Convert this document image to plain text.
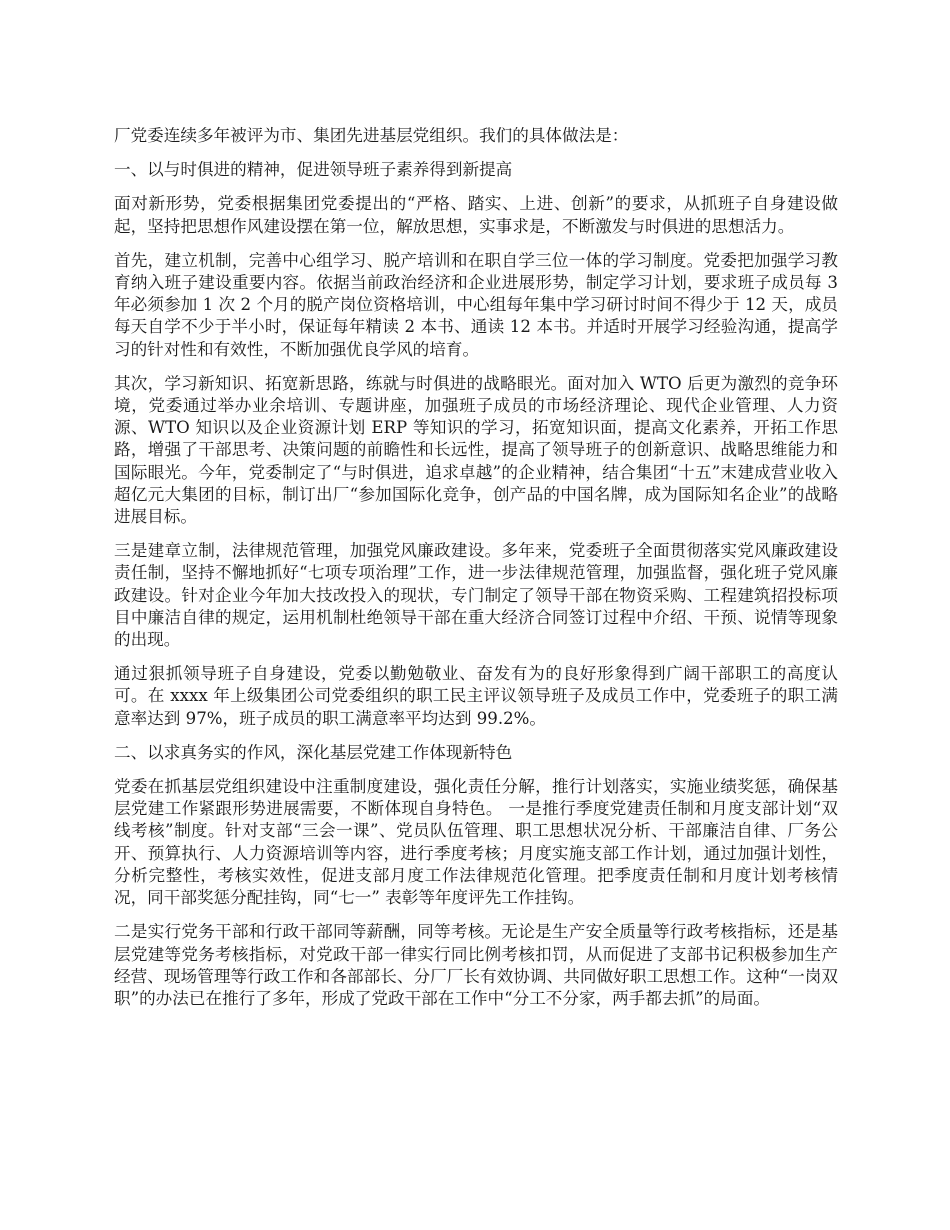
厂党委连续多年被评为市、集团先进基层党组织。我们的具体做法是：

一、以与时俱进的精神，促进领导班子素养得到新提高

面对新形势，党委根据集团党委提出的“严格、踏实、上进、创新”的要求，从抓班子自身建设做起，坚持把思想作风建设摆在第一位，解放思想，实事求是，不断激发与时俱进的思想活力。

首先，建立机制，完善中心组学习、脱产培训和在职自学三位一体的学习制度。党委把加强学习教育纳入班子建设重要内容。依据当前政治经济和企业进展形势，制定学习计划，要求班子成员每 3 年必须参加 1 次 2 个月的脱产岗位资格培训，中心组每年集中学习研讨时间不得少于 12 天，成员每天自学不少于半小时，保证每年精读 2 本书、通读 12 本书。并适时开展学习经验沟通，提高学习的针对性和有效性，不断加强优良学风的培育。

其次，学习新知识、拓宽新思路，练就与时俱进的战略眼光。面对加入 WTO 后更为激烈的竞争环境，党委通过举办业余培训、专题讲座，加强班子成员的市场经济理论、现代企业管理、人力资源、WTO 知识以及企业资源计划 ERP 等知识的学习，拓宽知识面，提高文化素养，开拓工作思路，增强了干部思考、决策问题的前瞻性和长远性，提高了领导班子的创新意识、战略思维能力和国际眼光。今年，党委制定了“与时俱进，追求卓越”的企业精神，结合集团“十五”末建成营业收入超亿元大集团的目标，制订出厂“参加国际化竞争，创产品的中国名牌，成为国际知名企业”的战略进展目标。

三是建章立制，法律规范管理，加强党风廉政建设。多年来，党委班子全面贯彻落实党风廉政建设责任制，坚持不懈地抓好“七项专项治理”工作，进一步法律规范管理，加强监督，强化班子党风廉政建设。针对企业今年加大技改投入的现状，专门制定了领导干部在物资采购、工程建筑招投标项目中廉洁自律的规定，运用机制杜绝领导干部在重大经济合同签订过程中介绍、干预、说情等现象的出现。

通过狠抓领导班子自身建设，党委以勤勉敬业、奋发有为的良好形象得到广阔干部职工的高度认可。在 xxxx 年上级集团公司党委组织的职工民主评议领导班子及成员工作中，党委班子的职工满意率达到 97%，班子成员的职工满意率平均达到 99.2%。

二、以求真务实的作风，深化基层党建工作体现新特色

党委在抓基层党组织建设中注重制度建设，强化责任分解，推行计划落实，实施业绩奖惩，确保基层党建工作紧跟形势进展需要，不断体现自身特色。 一是推行季度党建责任制和月度支部计划“双线考核”制度。针对支部“三会一课”、党员队伍管理、职工思想状况分析、干部廉洁自律、厂务公开、预算执行、人力资源培训等内容，进行季度考核；月度实施支部工作计划，通过加强计划性，分析完整性，考核实效性，促进支部月度工作法律规范化管理。把季度责任制和月度计划考核情况，同干部奖惩分配挂钩，同“七一” 表彰等年度评先工作挂钩。

二是实行党务干部和行政干部同等薪酬，同等考核。无论是生产安全质量等行政考核指标，还是基层党建等党务考核指标，对党政干部一律实行同比例考核扣罚，从而促进了支部书记积极参加生产经营、现场管理等行政工作和各部部长、分厂厂长有效协调、共同做好职工思想工作。这种“一岗双职”的办法已在推行了多年，形成了党政干部在工作中“分工不分家，两手都去抓”的局面。
